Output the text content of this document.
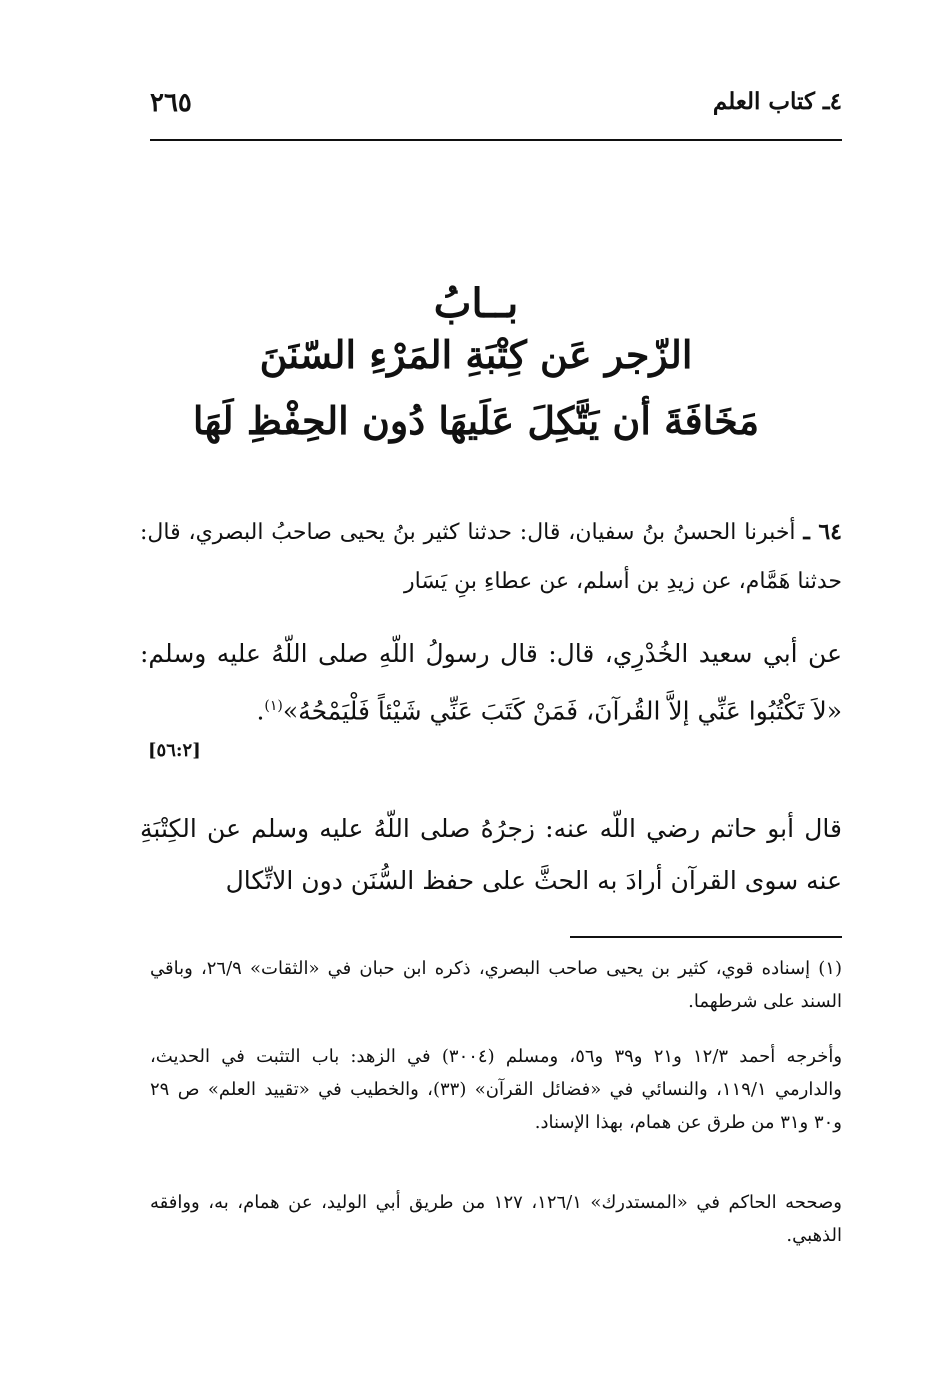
٤ـ كتاب العلم
٢٦٥
بــابُ
الزّجر عَن كِتْبَةِ المَرْءِ السّنَنَ
مَخَافَةَ أن يَتَّكِلَ عَلَيهَا دُون الحِفْظِ لَهَا
٦٤ ـ أخبرنا الحسنُ بنُ سفيان، قال: حدثنا كثير بنُ يحيى صاحبُ البصري، قال: حدثنا هَمَّام، عن زيدِ بن أسلم، عن عطاءِ بنِ يَسَار
عن أبي سعيد الخُدْرِي، قال: قال رسولُ اللّهِ صلى اللّهُ عليه وسلم: «لاَ تَكْتُبُوا عَنِّي إلاَّ القُرآنَ، فَمَنْ كَتَبَ عَنِّي شَيْئاً فَلْيَمْحُهُ»$^{(١)}$.
[٥٦:٢]
قال أبو حاتم رضي اللّه عنه: زجرُهُ صلى اللّهُ عليه وسلم عن الكِتْبَةِ عنه سوى القرآن أرادَ به الحثَّ على حفظ السُّنَن دون الاتِّكال
(١) إسناده قوي، كثير بن يحيى صاحب البصري، ذكره ابن حبان في «الثقات» ٢٦/٩، وباقي السند على شرطهما.
وأخرجه أحمد ١٢/٣ و٢١ و٣٩ و٥٦، ومسلم (٣٠٠٤) في الزهد: باب التثبت في الحديث، والدارمي ١١٩/١، والنسائي في «فضائل القرآن» (٣٣)، والخطيب في «تقييد العلم» ص ٢٩ و٣٠ و٣١ من طرق عن همام، بهذا الإسناد.
وصححه الحاكم في «المستدرك» ١٢٦/١، ١٢٧ من طريق أبي الوليد، عن همام، به، ووافقه الذهبي.
